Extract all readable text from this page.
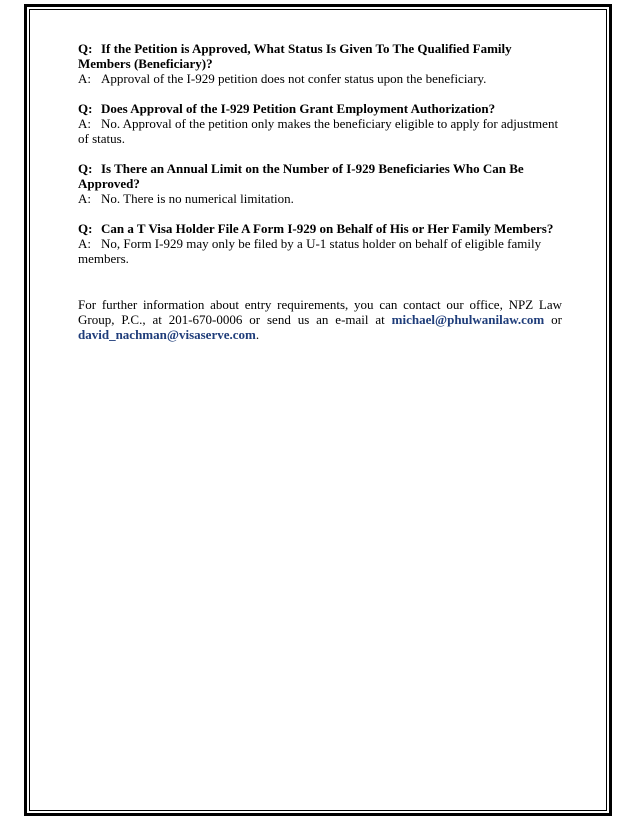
Q: If the Petition is Approved, What Status Is Given To The Qualified Family Members (Beneficiary)?

A: Approval of the I-929 petition does not confer status upon the beneficiary.

Q: Does Approval of the I-929 Petition Grant Employment Authorization?

A: No. Approval of the petition only makes the beneficiary eligible to apply for adjustment of status.

Q: Is There an Annual Limit on the Number of I-929 Beneficiaries Who Can Be Approved?

A: No. There is no numerical limitation.

Q: Can a T Visa Holder File A Form I-929 on Behalf of His or Her Family Members?

A: No, Form I-929 may only be filed by a U-1 status holder on behalf of eligible family members.

For further information about entry requirements, you can contact our office, NPZ Law Group, P.C., at 201-670-0006 or send us an e-mail at michael@phulwanilaw.com or david_nachman@visaserve.com.
